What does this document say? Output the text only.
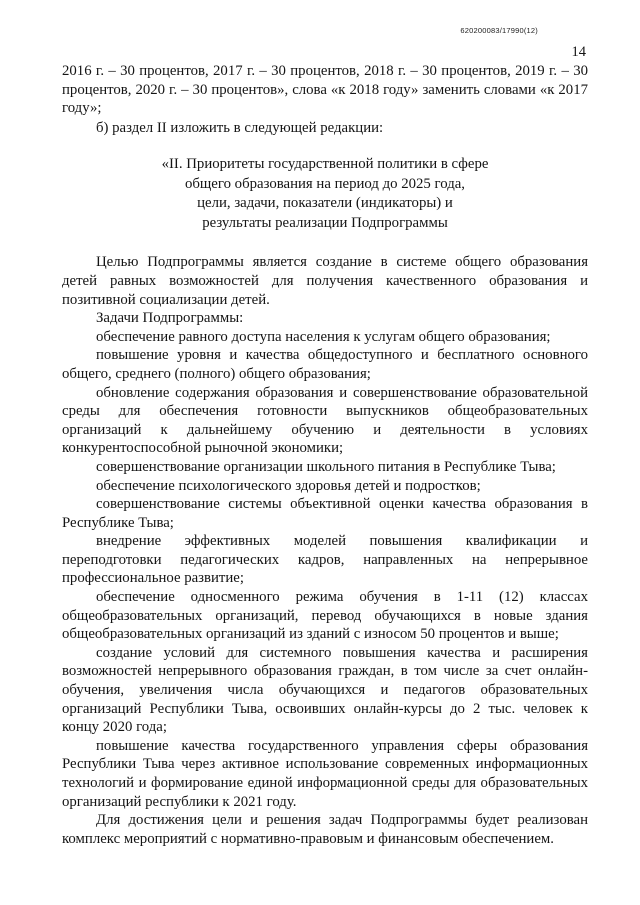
620200083/17990(12)
14

2016 г. – 30 процентов, 2017 г. – 30 процентов, 2018 г. – 30 процентов, 2019 г. – 30 процентов, 2020 г. – 30 процентов», слова «к 2018 году» заменить словами «к 2017 году»;

б) раздел II изложить в следующей редакции:

«II. Приоритеты государственной политики в сфере
общего образования на период до 2025 года,
цели, задачи, показатели (индикаторы) и
результаты реализации Подпрограммы

Целью Подпрограммы является создание в системе общего образования детей равных возможностей для получения качественного образования и позитивной социализации детей.

Задачи Подпрограммы:

обеспечение равного доступа населения к услугам общего образования;

повышение уровня и качества общедоступного и бесплатного основного общего, среднего (полного) общего образования;

обновление содержания образования и совершенствование образовательной среды для обеспечения готовности выпускников общеобразовательных организаций к дальнейшему обучению и деятельности в условиях конкурентоспособной рыночной экономики;

совершенствование организации школьного питания в Республике Тыва;

обеспечение психологического здоровья детей и подростков;

совершенствование системы объективной оценки качества образования в Республике Тыва;

внедрение эффективных моделей повышения квалификации и переподготовки педагогических кадров, направленных на непрерывное профессиональное развитие;

обеспечение односменного режима обучения в 1-11 (12) классах общеобразовательных организаций, перевод обучающихся в новые здания общеобразовательных организаций из зданий с износом 50 процентов и выше;

создание условий для системного повышения качества и расширения возможностей непрерывного образования граждан, в том числе за счет онлайн-обучения, увеличения числа обучающихся и педагогов образовательных организаций Республики Тыва, освоивших онлайн-курсы до 2 тыс. человек к концу 2020 года;

повышение качества государственного управления сферы образования Республики Тыва через активное использование современных информационных технологий и формирование единой информационной среды для образовательных организаций республики к 2021 году.

Для достижения цели и решения задач Подпрограммы будет реализован комплекс мероприятий с нормативно-правовым и финансовым обеспечением.
